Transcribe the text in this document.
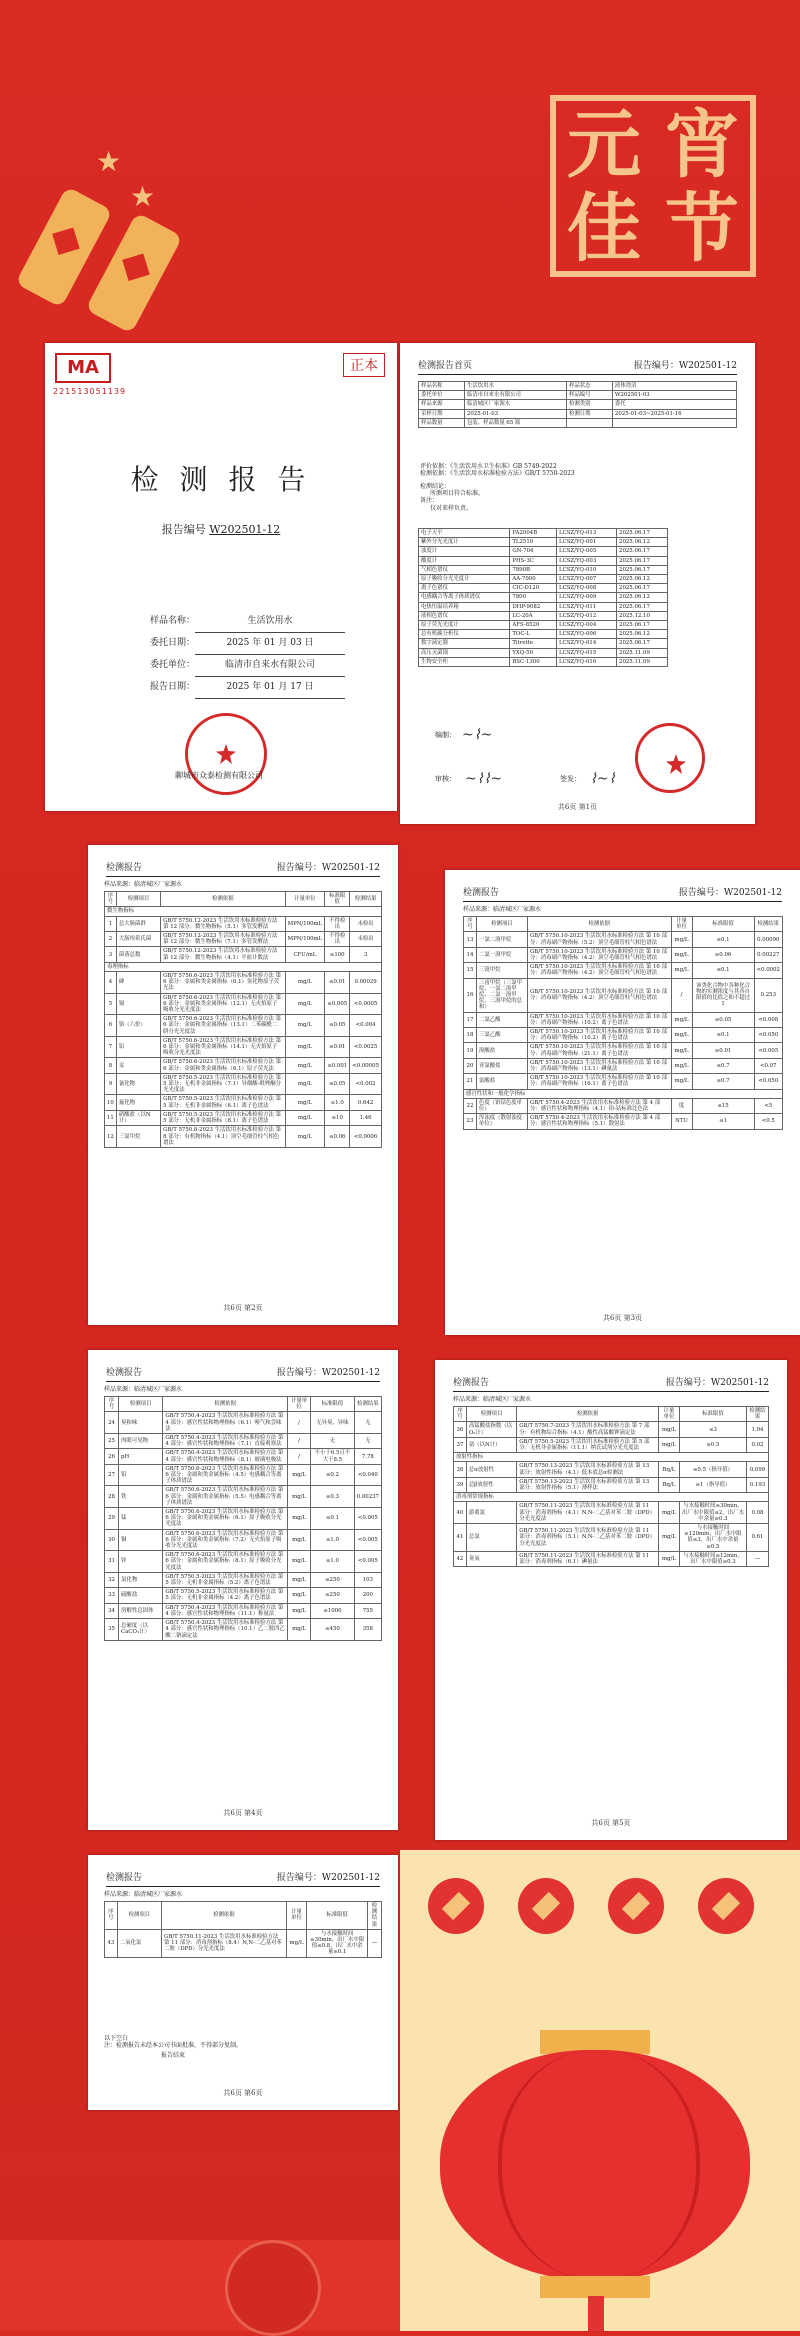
元 宵
佳 节
★
★
MA
221513051139
正本
检 测 报 告
报告编号 W202501-12
样品名称：	生活饮用水
委托日期：	2025 年 01 月 03 日
委托单位：	临清市自来水有限公司
报告日期：	2025 年 01 月 17 日
聊城市众泰检测有限公司
检测报告首页	报告编号：W202501-12
样品名称	生活饮用水	样品状态	液体澄清
委托单位	临清市自来水有限公司	样品编号	W202501-03
样品来源	临清城区厂家源水	检测类别	委托
采样日期	2025-01-03	检测日期	2025-01-03~2025-01-16
样品数量	包装、样品数量 65 瓶		
评价依据：《生活饮用水卫生标准》GB 5749-2022
检测依据：《生活饮用水标准检验方法》GB/T 5750-2023
检测结论：
所测项目符合标准。
备注：
仅对来样负责。
电子天平	FA2004B	LCSZ/YQ-013	2025.06.17
紫外分光光度计	TL2510	LCSZ/YQ-001	2025.06.12
浊度计	GN-704	LCSZ/YQ-005	2025.06.17
酸度计	PHS-3C	LCSZ/YQ-003	2025.06.17
气相色谱仪	7890B	LCSZ/YQ-010	2025.06.17
原子吸收分光光度计	AA-7000	LCSZ/YQ-007	2025.06.12
离子色谱仪	CIC-D120	LCSZ/YQ-008	2025.06.17
电感耦合等离子体质谱仪	7800	LCSZ/YQ-009	2025.06.12
电热恒温培养箱	DHP-9082	LCSZ/YQ-011	2025.06.17
液相色谱仪	LC-20A	LCSZ/YQ-012	2025.12.10
原子荧光光度计	AFS-8520	LCSZ/YQ-004	2025.06.17
总有机碳分析仪	TOC-L	LCSZ/YQ-006	2025.06.12
数字滴定器	Titrette	LCSZ/YQ-014	2025.06.17
高压灭菌锅	YXQ-50	LCSZ/YQ-015	2025.11.09
生物安全柜	BSC-1300	LCSZ/YQ-016	2025.11.09
编制： ~⌇~
审核： ~⌇⌇~	签发： ⌇~⌇
共6页 第1页
检测报告	报告编号：W202501-12
样品来源：临清城区厂家源水
序号	检测项目	检测依据	计量单位	标准限值	检测结果
微生物指标					
1	总大肠菌群	GB/T 5750.12-2023 生活饮用水标准检验方法 第 12 部分：微生物指标（5.1）多管发酵法	MPN/100mL	不得检出	未检出
2	大肠埃希氏菌	GB/T 5750.12-2023 生活饮用水标准检验方法 第 12 部分：微生物指标（7.1）多管发酵法	MPN/100mL	不得检出	未检出
3	菌落总数	GB/T 5750.12-2023 生活饮用水标准检验方法 第 12 部分：微生物指标（4.1）平皿计数法	CFU/mL	≤100	3
毒理指标					
4	砷	GB/T 5750.6-2023 生活饮用水标准检验方法 第 6 部分：金属和类金属指标（6.1）氢化物原子荧光法	mg/L	≤0.01	0.00029
5	镉	GB/T 5750.6-2023 生活饮用水标准检验方法 第 6 部分：金属和类金属指标（12.1）无火焰原子吸收分光光度法	mg/L	≤0.005	<0.0005
6	铬（六价）	GB/T 5750.6-2023 生活饮用水标准检验方法 第 6 部分：金属和类金属指标（13.1）二苯碳酰二肼分光光度法	mg/L	≤0.05	<0.004
7	铅	GB/T 5750.6-2023 生活饮用水标准检验方法 第 6 部分：金属和类金属指标（14.1）无火焰原子吸收分光光度法	mg/L	≤0.01	<0.0025
8	汞	GB/T 5750.6-2023 生活饮用水标准检验方法 第 6 部分：金属和类金属指标（6.1）原子荧光法	mg/L	≤0.001	<0.00005
9	氰化物	GB/T 5750.5-2023 生活饮用水标准检验方法 第 5 部分：无机非金属指标（7.1）异烟酸-吡唑酮分光光度法	mg/L	≤0.05	<0.002
10	氟化物	GB/T 5750.5-2023 生活饮用水标准检验方法 第 5 部分：无机非金属指标（6.1）离子色谱法	mg/L	≤1.0	0.642
11	硝酸盐（以N计）	GB/T 5750.5-2023 生活饮用水标准检验方法 第 5 部分：无机非金属指标（8.1）离子色谱法	mg/L	≤10	1.46
12	三氯甲烷	GB/T 5750.8-2023 生活饮用水标准检验方法 第 8 部分：有机物指标（4.1）顶空毛细管柱气相色谱法	mg/L	≤0.06	<0.0006
共6页 第2页
检测报告	报告编号：W202501-12
样品来源：临清城区厂家源水
序号	检测项目	检测依据	计量单位	标准限值	检测结果
13	一氯二溴甲烷	GB/T 5750.10-2023 生活饮用水标准检验方法 第 10 部分：消毒副产物指标（5.2）顶空毛细管柱气相色谱法	mg/L	≤0.1	0.00090
14	二氯一溴甲烷	GB/T 5750.10-2023 生活饮用水标准检验方法 第 10 部分：消毒副产物指标（4.2）顶空毛细管柱气相色谱法	mg/L	≤0.06	0.00227
15	三溴甲烷	GB/T 5750.10-2023 生活饮用水标准检验方法 第 10 部分：消毒副产物指标（4.2）顶空毛细管柱气相色谱法	mg/L	≤0.1	<0.0002
16	三卤甲烷（三氯甲烷、一氯二溴甲烷、二氯一溴甲烷、三溴甲烷的总和）	GB/T 5750.10-2023 生活饮用水标准检验方法 第 10 部分：消毒副产物指标（4.2）顶空毛细管柱气相色谱法	/	该类化合物中各种化合物的实测浓度与其各自限值的比值之和不超过1	0.253
17	二氯乙酸	GB/T 5750.10-2023 生活饮用水标准检验方法 第 10 部分：消毒副产物指标（10.2）离子色谱法	mg/L	≤0.05	<0.008
18	三氯乙酸	GB/T 5750.10-2023 生活饮用水标准检验方法 第 10 部分：消毒副产物指标（10.2）离子色谱法	mg/L	≤0.1	<0.050
19	溴酸盐	GB/T 5750.10-2023 生活饮用水标准检验方法 第 10 部分：消毒副产物指标（21.1）离子色谱法	mg/L	≤0.01	<0.005
20	亚氯酸盐	GB/T 5750.10-2023 生活饮用水标准检验方法 第 10 部分：消毒副产物指标（13.1）碘量法	mg/L	≤0.7	<0.07
21	氯酸盐	GB/T 5750.10-2023 生活饮用水标准检验方法 第 10 部分：消毒副产物指标（16.1）离子色谱法	mg/L	≤0.7	<0.050
感官性状和一般化学指标					
22	色度（铂钴色度单位）	GB/T 5750.4-2023 生活饮用水标准检验方法 第 4 部分：感官性状和物理指标（4.1）铂-钴标准比色法	度	≤15	<5
23	浑浊度（散射浊度单位）	GB/T 5750.4-2023 生活饮用水标准检验方法 第 4 部分：感官性状和物理指标（5.1）散射法	NTU	≤1	<0.5
共6页 第3页
检测报告	报告编号：W202501-12
样品来源：临清城区厂家源水
序号	检测项目	检测依据	计量单位	标准限值	检测结果
24	臭和味	GB/T 5750.4-2023 生活饮用水标准检验方法 第 4 部分：感官性状和物理指标（6.1）嗅气和尝味法	/	无异臭、异味	无
25	肉眼可见物	GB/T 5750.4-2023 生活饮用水标准检验方法 第 4 部分：感官性状和物理指标（7.1）直接观察法	/	无	无
26	pH	GB/T 5750.4-2023 生活饮用水标准检验方法 第 4 部分：感官性状和物理指标（8.1）玻璃电极法	/	不小于6.5且不大于8.5	7.78
27	铝	GB/T 5750.6-2023 生活饮用水标准检验方法 第 6 部分：金属和类金属指标（4.5）电感耦合等离子体质谱法	mg/L	≤0.2	<0.040
28	铁	GB/T 5750.6-2023 生活饮用水标准检验方法 第 6 部分：金属和类金属指标（5.5）电感耦合等离子体质谱法	mg/L	≤0.3	0.00237
29	锰	GB/T 5750.6-2023 生活饮用水标准检验方法 第 6 部分：金属和类金属指标（6.1）原子吸收分光光度法	mg/L	≤0.1	<0.005
30	铜	GB/T 5750.6-2023 生活饮用水标准检验方法 第 6 部分：金属和类金属指标（7.2）无火焰原子吸收分光光度法	mg/L	≤1.0	<0.005
31	锌	GB/T 5750.6-2023 生活饮用水标准检验方法 第 6 部分：金属和类金属指标（8.1）原子吸收分光光度法	mg/L	≤1.0	<0.005
32	氯化物	GB/T 5750.5-2023 生活饮用水标准检验方法 第 5 部分：无机非金属指标（5.2）离子色谱法	mg/L	≤250	103
33	硫酸盐	GB/T 5750.5-2023 生活饮用水标准检验方法 第 5 部分：无机非金属指标（4.2）离子色谱法	mg/L	≤250	200
34	溶解性总固体	GB/T 5750.4-2023 生活饮用水标准检验方法 第 4 部分：感官性状和物理指标（11.1）称量法	mg/L	≤1000	755
35	总硬度（以CaCO₃计）	GB/T 5750.4-2023 生活饮用水标准检验方法 第 4 部分：感官性状和物理指标（10.1）乙二胺四乙酸二钠滴定法	mg/L	≤450	358
共6页 第4页
检测报告	报告编号：W202501-12
样品来源：临清城区厂家源水
序号	检测项目	检测依据	计量单位	标准限值	检测结果
36	高锰酸盐指数（以O₂计）	GB/T 5750.7-2023 生活饮用水标准检验方法 第 7 部分：有机物综合指标（4.1）酸性高锰酸钾滴定法	mg/L	≤3	1.94
37	氨（以N计）	GB/T 5750.5-2023 生活饮用水标准检验方法 第 5 部分：无机非金属指标（11.1）纳氏试剂分光光度法	mg/L	≤0.5	0.02
放射性指标					
38	总α放射性	GB/T 5750.13-2023 生活饮用水标准检验方法 第 13 部分：放射性指标（4.1）低本底总α检测法	Bq/L	≤0.5（指导值）	0.099
39	总β放射性	GB/T 5750.13-2023 生活饮用水标准检验方法 第 13 部分：放射性指标（5.1）薄样法	Bq/L	≤1（指导值）	0.193
消毒剂常规指标					
40	游离氯	GB/T 5750.11-2023 生活饮用水标准检验方法 第 11 部分：消毒剂指标（4.1）N,N-二乙基对苯二胺（DPD）分光光度法	mg/L	与水接触时间≥30min，出厂水中限值≤2，出厂水中余量≥0.3	0.08
41	总氯	GB/T 5750.11-2023 生活饮用水标准检验方法 第 11 部分：消毒剂指标（5.1）N,N-二乙基对苯二胺（DPD）分光光度法	mg/L	与水接触时间≥120min，出厂水中限值≤3，出厂水中余量≥0.5	0.61
42	臭氧	GB/T 5750.11-2023 生活饮用水标准检验方法 第 11 部分：消毒剂指标（6.1）碘量法	mg/L	与水接触时间≥12min，出厂水中限值≤0.3	—
共6页 第5页
检测报告	报告编号：W202501-12
样品来源：临清城区厂家源水
序号	检测项目	检测依据	计量单位	标准限值	检测结果
43	二氧化氯	GB/T 5750.11-2023 生活饮用水标准检验方法 第 11 部分：消毒剂指标（8.4）N,N-二乙基对苯二胺（DPD）分光光度法	mg/L	与水接触时间≥30min，出厂水中限值≤0.8，出厂水中余量≥0.1	—
以下空白
注：检测报告未经本公司书面批准，不得部分复制。
报告结束
共6页 第6页
